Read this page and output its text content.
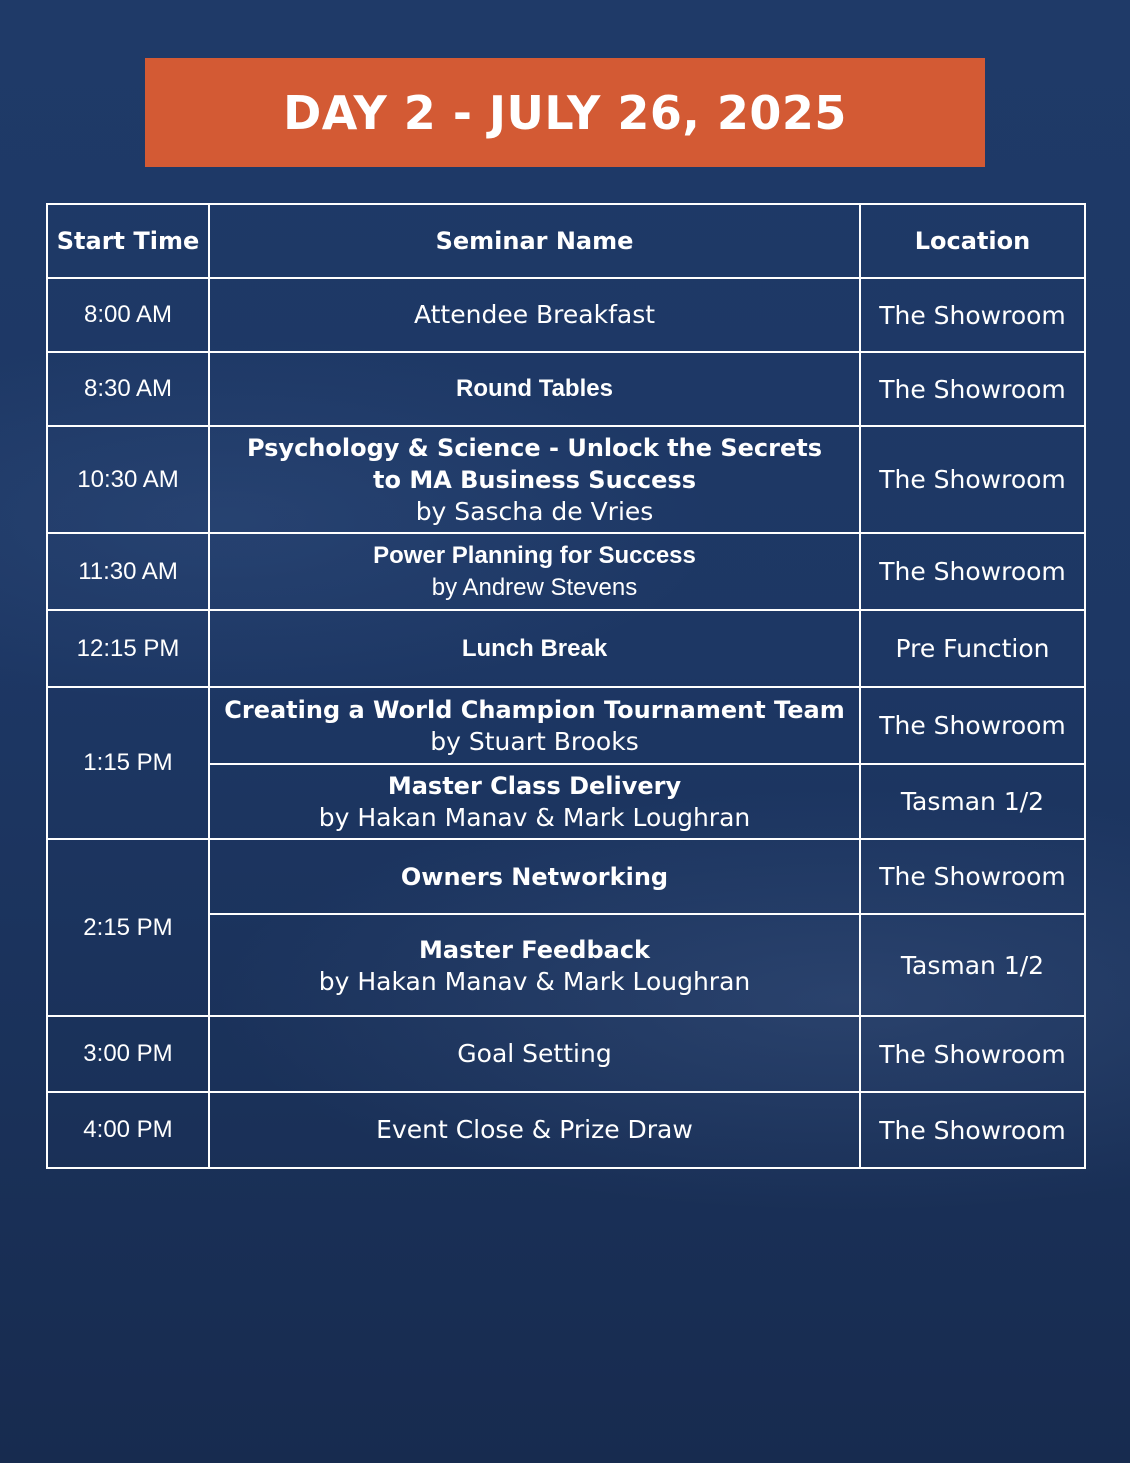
DAY 2 - JULY 26, 2025
Start Time	Seminar Name	Location
8:00 AM	Attendee Breakfast	The Showroom
8:30 AM	Round Tables	The Showroom
10:30 AM	Psychology & Science - Unlock the Secrets
to MA Business Success
by Sascha de Vries	The Showroom
11:30 AM	Power Planning for Success
by Andrew Stevens	The Showroom
12:15 PM	Lunch Break	Pre Function
1:15 PM	Creating a World Champion Tournament Team
by Stuart Brooks	The Showroom

	Master Class Delivery
by Hakan Manav & Mark Loughran	Tasman 1/2
2:15 PM	Owners Networking	The Showroom

	Master Feedback
by Hakan Manav & Mark Loughran	Tasman 1/2
3:00 PM	Goal Setting	The Showroom
4:00 PM	Event Close & Prize Draw	The Showroom
